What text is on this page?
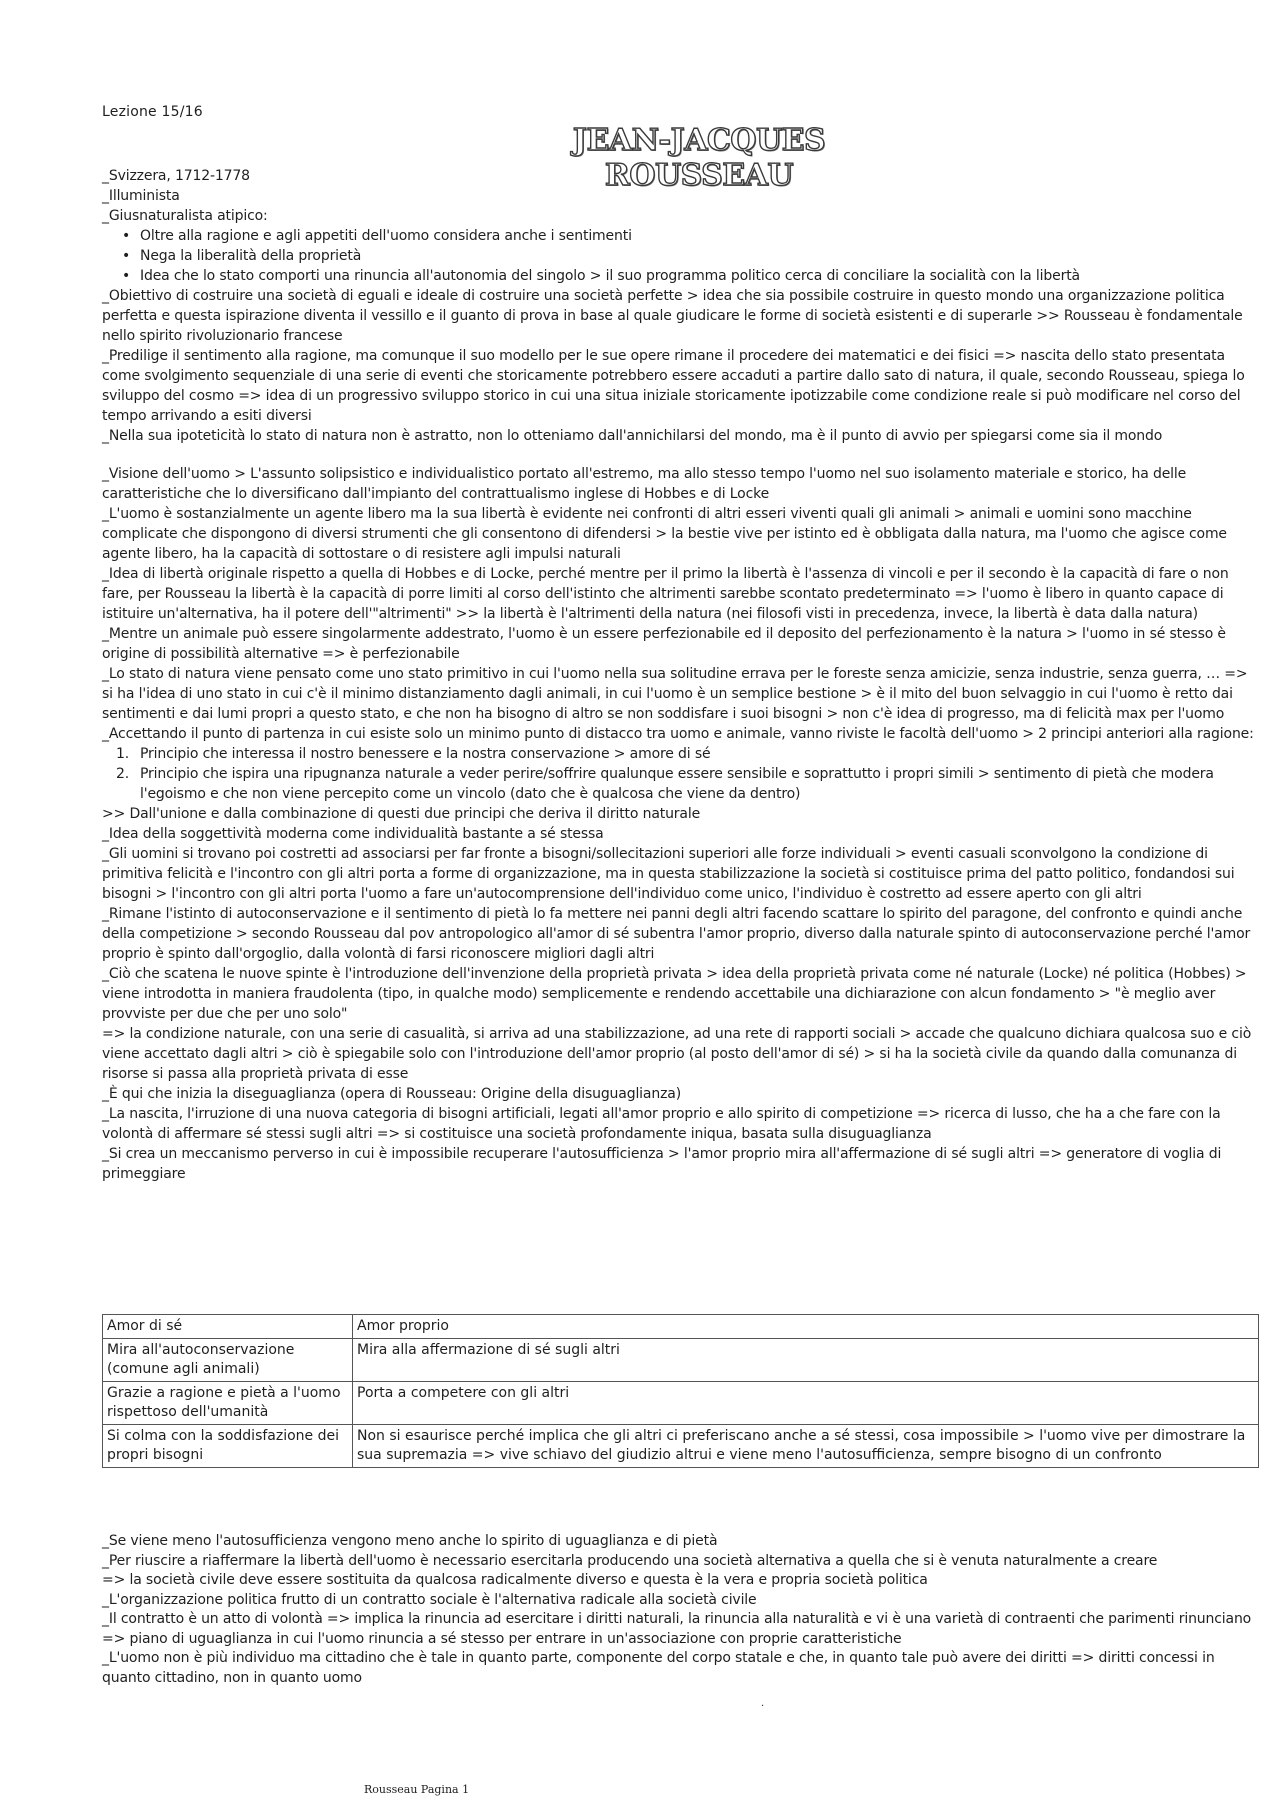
Lezione 15/16
JEAN-JACQUES ROUSSEAU

_Svizzera, 1712-1778

_Illuminista

_Giusnaturalista atipico:

• Oltre alla ragione e agli appetiti dell'uomo considera anche i sentimenti
• Nega la liberalità della proprietà
• Idea che lo stato comporti una rinuncia all'autonomia del singolo > il suo programma politico cerca di conciliare la socialità con la libertà

_Obiettivo di costruire una società di eguali e ideale di costruire una società perfette > idea che sia possibile costruire in questo mondo una organizzazione politica perfetta e questa ispirazione diventa il vessillo e il guanto di prova in base al quale giudicare le forme di società esistenti e di superarle >> Rousseau è fondamentale nello spirito rivoluzionario francese

_Predilige il sentimento alla ragione, ma comunque il suo modello per le sue opere rimane il procedere dei matematici e dei fisici => nascita dello stato presentata come svolgimento sequenziale di una serie di eventi che storicamente potrebbero essere accaduti a partire dallo sato di natura, il quale, secondo Rousseau, spiega lo sviluppo del cosmo => idea di un progressivo sviluppo storico in cui una situa iniziale storicamente ipotizzabile come condizione reale si può modificare nel corso del tempo arrivando a esiti diversi

_Nella sua ipoteticità lo stato di natura non è astratto, non lo otteniamo dall'annichilarsi del mondo, ma è il punto di avvio per spiegarsi come sia il mondo

_Visione dell'uomo > L'assunto solipsistico e individualistico portato all'estremo, ma allo stesso tempo l'uomo nel suo isolamento materiale e storico, ha delle caratteristiche che lo diversificano dall'impianto del contrattualismo inglese di Hobbes e di Locke

_L'uomo è sostanzialmente un agente libero ma la sua libertà è evidente nei confronti di altri esseri viventi quali gli animali > animali e uomini sono macchine complicate che dispongono di diversi strumenti che gli consentono di difendersi > la bestie vive per istinto ed è obbligata dalla natura, ma l'uomo che agisce come agente libero, ha la capacità di sottostare o di resistere agli impulsi naturali

_Idea di libertà originale rispetto a quella di Hobbes e di Locke, perché mentre per il primo la libertà è l'assenza di vincoli e per il secondo è la capacità di fare o non fare, per Rousseau la libertà è la capacità di porre limiti al corso dell'istinto che altrimenti sarebbe scontato predeterminato => l'uomo è libero in quanto capace di istituire un'alternativa, ha il potere dell'"altrimenti" >> la libertà è l'altrimenti della natura (nei filosofi visti in precedenza, invece, la libertà è data dalla natura)

_Mentre un animale può essere singolarmente addestrato, l'uomo è un essere perfezionabile ed il deposito del perfezionamento è la natura > l'uomo in sé stesso è origine di possibilità alternative => è perfezionabile

_Lo stato di natura viene pensato come uno stato primitivo in cui l'uomo nella sua solitudine errava per le foreste senza amicizie, senza industrie, senza guerra, … => si ha l'idea di uno stato in cui c'è il minimo distanziamento dagli animali, in cui l'uomo è un semplice bestione > è il mito del buon selvaggio in cui l'uomo è retto dai sentimenti e dai lumi propri a questo stato, e che non ha bisogno di altro se non soddisfare i suoi bisogni > non c'è idea di progresso, ma di felicità max per l'uomo

_Accettando il punto di partenza in cui esiste solo un minimo punto di distacco tra uomo e animale, vanno riviste le facoltà dell'uomo > 2 principi anteriori alla ragione:

1. Principio che interessa il nostro benessere e la nostra conservazione > amore di sé
2. Principio che ispira una ripugnanza naturale a veder perire/soffrire qualunque essere sensibile e soprattutto i propri simili > sentimento di pietà che modera l'egoismo e che non viene percepito come un vincolo (dato che è qualcosa che viene da dentro)

>> Dall'unione e dalla combinazione di questi due principi che deriva il diritto naturale

_Idea della soggettività moderna come individualità bastante a sé stessa

_Gli uomini si trovano poi costretti ad associarsi per far fronte a bisogni/sollecitazioni superiori alle forze individuali > eventi casuali sconvolgono la condizione di primitiva felicità e l'incontro con gli altri porta a forme di organizzazione, ma in questa stabilizzazione la società si costituisce prima del patto politico, fondandosi sui bisogni > l'incontro con gli altri porta l'uomo a fare un'autocomprensione dell'individuo come unico, l'individuo è costretto ad essere aperto con gli altri

_Rimane l'istinto di autoconservazione e il sentimento di pietà lo fa mettere nei panni degli altri facendo scattare lo spirito del paragone, del confronto e quindi anche della competizione > secondo Rousseau dal pov antropologico all'amor di sé subentra l'amor proprio, diverso dalla naturale spinto di autoconservazione perché l'amor proprio è spinto dall'orgoglio, dalla volontà di farsi riconoscere migliori dagli altri

_Ciò che scatena le nuove spinte è l'introduzione dell'invenzione della proprietà privata > idea della proprietà privata come né naturale (Locke) né politica (Hobbes) > viene introdotta in maniera fraudolenta (tipo, in qualche modo) semplicemente e rendendo accettabile una dichiarazione con alcun fondamento > "è meglio aver provviste per due che per uno solo"

=> la condizione naturale, con una serie di casualità, si arriva ad una stabilizzazione, ad una rete di rapporti sociali > accade che qualcuno dichiara qualcosa suo e ciò viene accettato dagli altri > ciò è spiegabile solo con l'introduzione dell'amor proprio (al posto dell'amor di sé) > si ha la società civile da quando dalla comunanza di risorse si passa alla proprietà privata di esse

_È qui che inizia la diseguaglianza (opera di Rousseau: Origine della disuguaglianza)

_La nascita, l'irruzione di una nuova categoria di bisogni artificiali, legati all'amor proprio e allo spirito di competizione => ricerca di lusso, che ha a che fare con la volontà di affermare sé stessi sugli altri => si costituisce una società profondamente iniqua, basata sulla disuguaglianza

_Si crea un meccanismo perverso in cui è impossibile recuperare l'autosufficienza > l'amor proprio mira all'affermazione di sé sugli altri => generatore di voglia di primeggiare

Amor di sé	Amor proprio
Mira all'autoconservazione (comune agli animali)	Mira alla affermazione di sé sugli altri
Grazie a ragione e pietà a l'uomo rispettoso dell'umanità	Porta a competere con gli altri
Si colma con la soddisfazione dei propri bisogni	Non si esaurisce perché implica che gli altri ci preferiscano anche a sé stessi, cosa impossibile > l'uomo vive per dimostrare la sua supremazia => vive schiavo del giudizio altrui e viene meno l'autosufficienza, sempre bisogno di un confronto

_Se viene meno l'autosufficienza vengono meno anche lo spirito di uguaglianza e di pietà

_Per riuscire a riaffermare la libertà dell'uomo è necessario esercitarla producendo una società alternativa a quella che si è venuta naturalmente a creare

=> la società civile deve essere sostituita da qualcosa radicalmente diverso e questa è la vera e propria società politica

_L'organizzazione politica frutto di un contratto sociale è l'alternativa radicale alla società civile

_Il contratto è un atto di volontà => implica la rinuncia ad esercitare i diritti naturali, la rinuncia alla naturalità e vi è una varietà di contraenti che parimenti rinunciano => piano di uguaglianza in cui l'uomo rinuncia a sé stesso per entrare in un'associazione con proprie caratteristiche

_L'uomo non è più individuo ma cittadino che è tale in quanto parte, componente del corpo statale e che, in quanto tale può avere dei diritti => diritti concessi in quanto cittadino, non in quanto uomo

.
Rousseau Pagina 1
